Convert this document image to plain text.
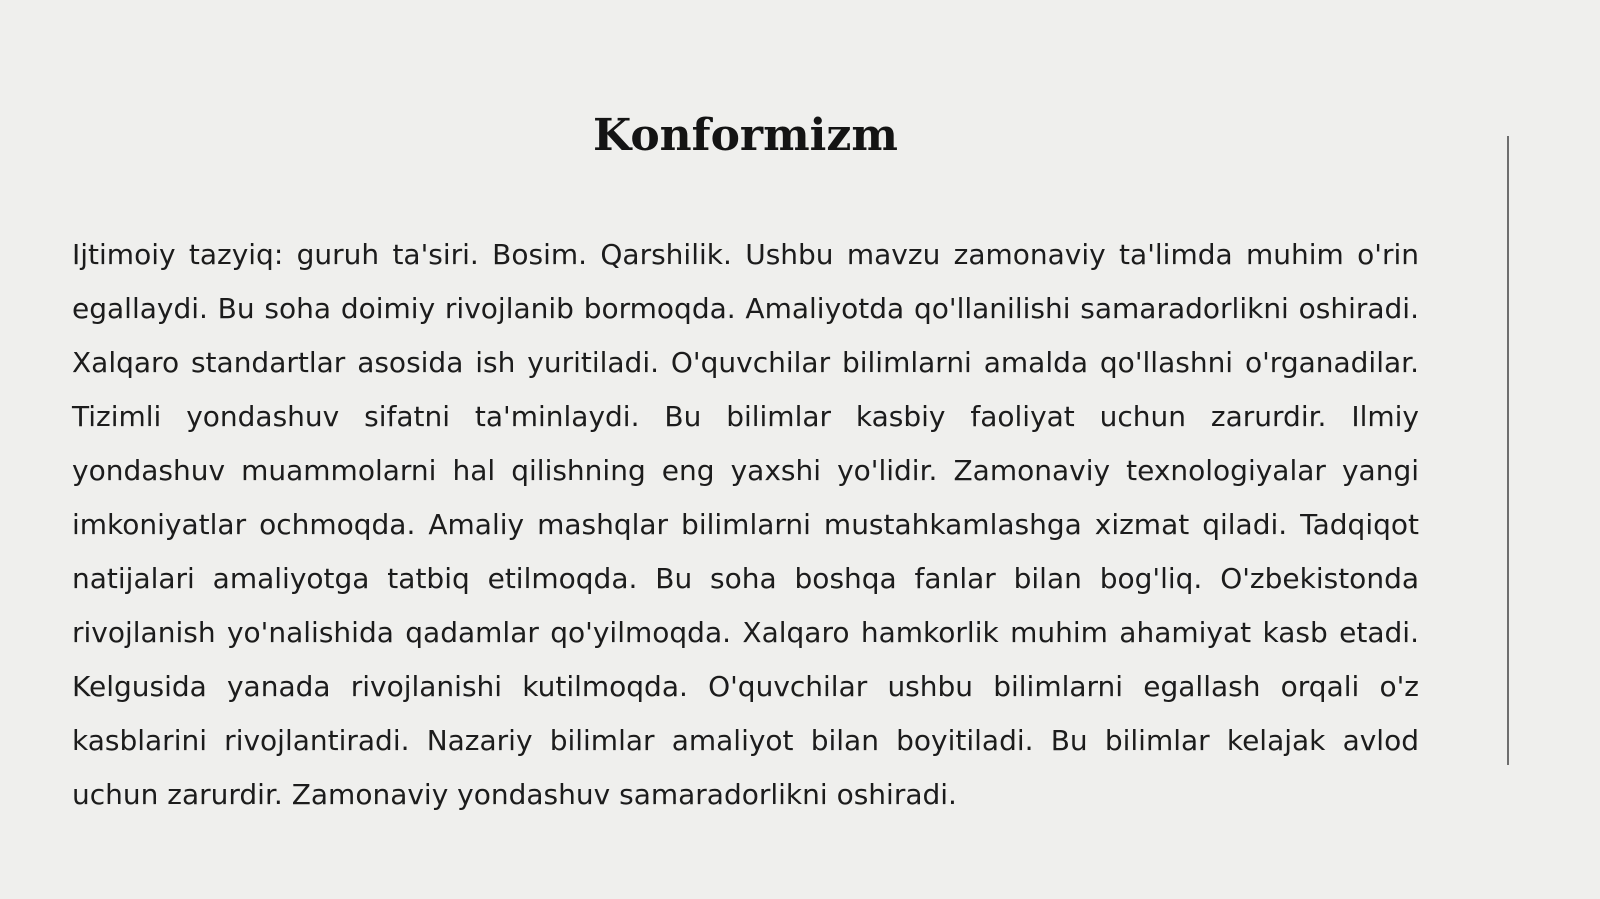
Konformizm

Ijtimoiy tazyiq: guruh ta'siri. Bosim. Qarshilik. Ushbu mavzu zamonaviy ta'limda muhim o'rin egallaydi. Bu soha doimiy rivojlanib bormoqda. Amaliyotda qo'llanilishi samaradorlikni oshiradi. Xalqaro standartlar asosida ish yuritiladi. O'quvchilar bilimlarni amalda qo'llashni o'rganadilar. Tizimli yondashuv sifatni ta'minlaydi. Bu bilimlar kasbiy faoliyat uchun zarurdir. Ilmiy yondashuv muammolarni hal qilishning eng yaxshi yo'lidir. Zamonaviy texnologiyalar yangi imkoniyatlar ochmoqda. Amaliy mashqlar bilimlarni mustahkamlashga xizmat qiladi. Tadqiqot natijalari amaliyotga tatbiq etilmoqda. Bu soha boshqa fanlar bilan bog'liq. O'zbekistonda rivojlanish yo'nalishida qadamlar qo'yilmoqda. Xalqaro hamkorlik muhim ahamiyat kasb etadi. Kelgusida yanada rivojlanishi kutilmoqda. O'quvchilar ushbu bilimlarni egallash orqali o'z kasblarini rivojlantiradi. Nazariy bilimlar amaliyot bilan boyitiladi. Bu bilimlar kelajak avlod uchun zarurdir. Zamonaviy yondashuv samaradorlikni oshiradi.
